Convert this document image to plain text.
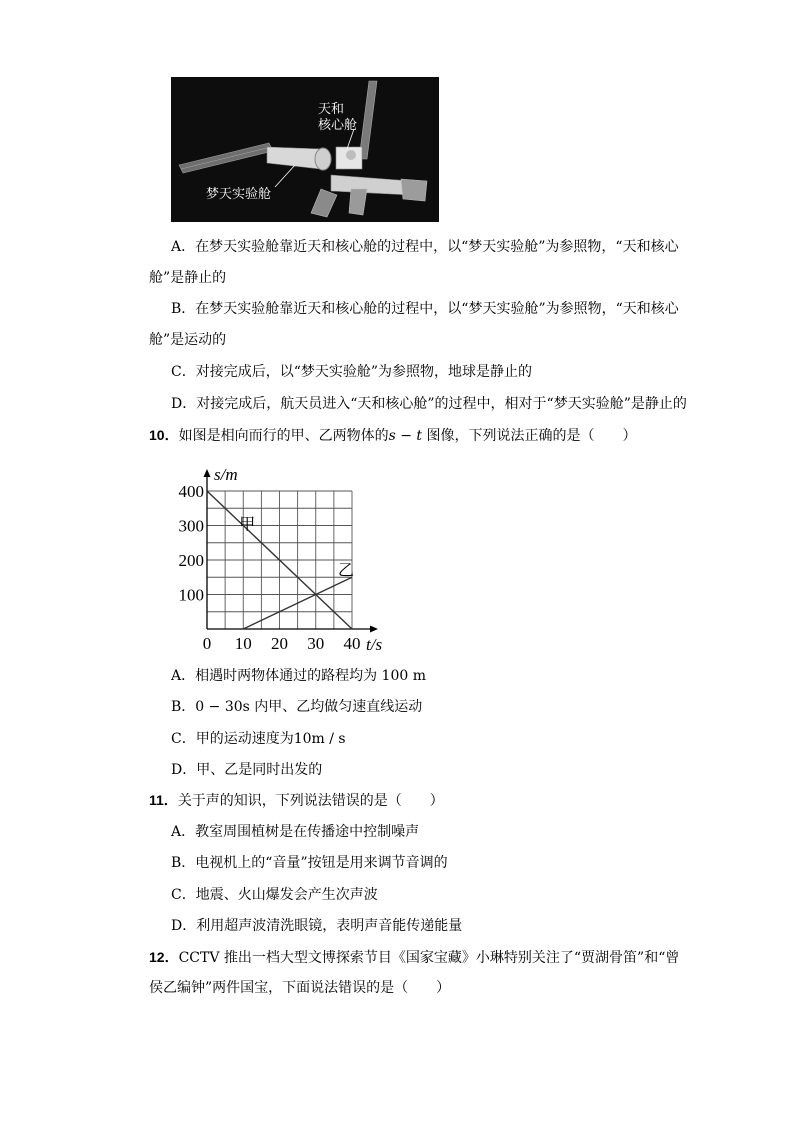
天和
核心舱
梦天实验舱
A．在梦天实验舱靠近天和核心舱的过程中，以“梦天实验舱”为参照物，“天和核心
舱”是静止的
B．在梦天实验舱靠近天和核心舱的过程中，以“梦天实验舱”为参照物，“天和核心
舱”是运动的
C．对接完成后，以“梦天实验舱”为参照物，地球是静止的
D．对接完成后，航天员进入“天和核心舱”的过程中，相对于“梦天实验舱”是静止的
10．如图是相向而行的甲、乙两物体的s − t 图像，下列说法正确的是（　　）
甲
乙
0 10 20 30 40
100
200
300
400
t/s
s/m
A．相遇时两物体通过的路程均为 100 m
B．0 − 30s 内甲、乙均做匀速直线运动
C．甲的运动速度为10m / s
D．甲、乙是同时出发的
11．关于声的知识，下列说法错误的是（　　）
A．教室周围植树是在传播途中控制噪声
B．电视机上的“音量”按钮是用来调节音调的
C．地震、火山爆发会产生次声波
D．利用超声波清洗眼镜，表明声音能传递能量
12．CCTV 推出一档大型文博探索节目《国家宝藏》小琳特别关注了“贾湖骨笛”和“曾
侯乙编钟”两件国宝，下面说法错误的是（　　）
